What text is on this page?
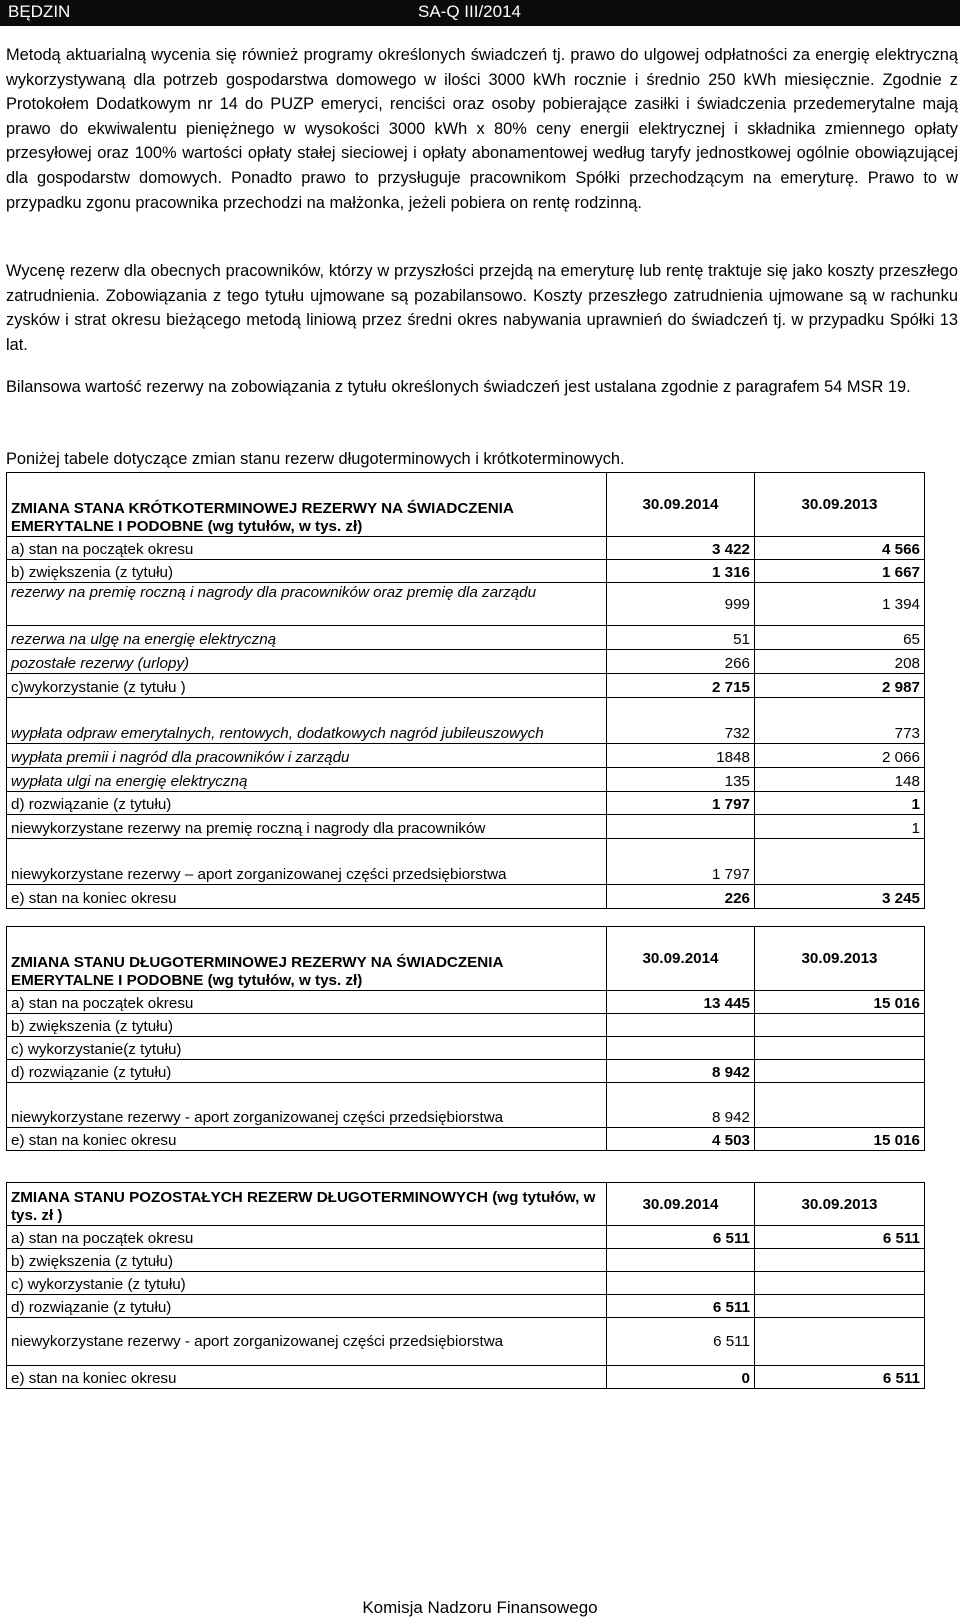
BĘDZIN	SA-Q III/2014

Metodą aktuarialną wycenia się również programy określonych świadczeń tj. prawo do ulgowej odpłatności za energię elektryczną wykorzystywaną dla potrzeb gospodarstwa domowego w ilości 3000 kWh rocznie i średnio 250 kWh miesięcznie. Zgodnie z Protokołem Dodatkowym nr 14 do PUZP emeryci, renciści oraz osoby pobierające zasiłki i świadczenia przedemerytalne mają prawo do ekwiwalentu pieniężnego w wysokości 3000 kWh x 80% ceny energii elektrycznej i składnika zmiennego opłaty przesyłowej oraz 100% wartości opłaty stałej sieciowej i opłaty abonamentowej według taryfy jednostkowej ogólnie obowiązującej dla gospodarstw domowych. Ponadto prawo to przysługuje pracownikom Spółki przechodzącym na emeryturę. Prawo to w przypadku zgonu pracownika przechodzi na małżonka, jeżeli pobiera on rentę rodzinną.

Wycenę rezerw dla obecnych pracowników, którzy w przyszłości przejdą na emeryturę lub rentę traktuje się jako koszty przeszłego zatrudnienia. Zobowiązania z tego tytułu ujmowane są pozabilansowo. Koszty przeszłego zatrudnienia ujmowane są w rachunku zysków i strat okresu bieżącego metodą liniową przez średni okres nabywania uprawnień do świadczeń tj. w przypadku Spółki 13 lat.

Bilansowa wartość rezerwy na zobowiązania z tytułu określonych świadczeń jest ustalana zgodnie z paragrafem 54 MSR 19.

Poniżej tabele dotyczące zmian stanu rezerw długoterminowych i krótkoterminowych.

ZMIANA STANA KRÓTKOTERMINOWEJ REZERWY NA ŚWIADCZENIA EMERYTALNE I PODOBNE (wg tytułów, w tys. zł)	30.09.2014	30.09.2013
a) stan na początek okresu	3 422	4 566
b) zwiększenia (z tytułu)	1 316	1 667
rezerwy na premię roczną i nagrody dla pracowników oraz premię dla zarządu	999	1 394
rezerwa na ulgę na energię elektryczną	51	65
pozostałe rezerwy (urlopy)	266	208
c)wykorzystanie (z tytułu )	2 715	2 987
wypłata odpraw emerytalnych, rentowych, dodatkowych nagród jubileuszowych	732	773
wypłata premii i nagród dla pracowników i zarządu	1848	2 066
wypłata ulgi na energię elektryczną	135	148
d) rozwiązanie (z tytułu)	1 797	1
niewykorzystane rezerwy na premię roczną i nagrody dla pracowników		1
niewykorzystane rezerwy – aport zorganizowanej części przedsiębiorstwa	1 797	
e) stan na koniec okresu	226	3 245
ZMIANA STANU DŁUGOTERMINOWEJ REZERWY NA ŚWIADCZENIA EMERYTALNE I PODOBNE (wg tytułów, w tys. zł)	30.09.2014	30.09.2013
a) stan na początek okresu	13 445	15 016
b) zwiększenia (z tytułu)		
c) wykorzystanie(z tytułu)		
d) rozwiązanie (z tytułu)	8 942	
niewykorzystane rezerwy - aport zorganizowanej części przedsiębiorstwa	8 942	
e) stan na koniec okresu	4 503	15 016
ZMIANA STANU POZOSTAŁYCH REZERW DŁUGOTERMINOWYCH (wg tytułów, w tys. zł )	30.09.2014	30.09.2013
a) stan na początek okresu	6 511	6 511
b) zwiększenia (z tytułu)		
c) wykorzystanie (z tytułu)		
d) rozwiązanie (z tytułu)	6 511	
niewykorzystane rezerwy - aport zorganizowanej części przedsiębiorstwa	6 511	
e) stan na koniec okresu	0	6 511
Komisja Nadzoru Finansowego
